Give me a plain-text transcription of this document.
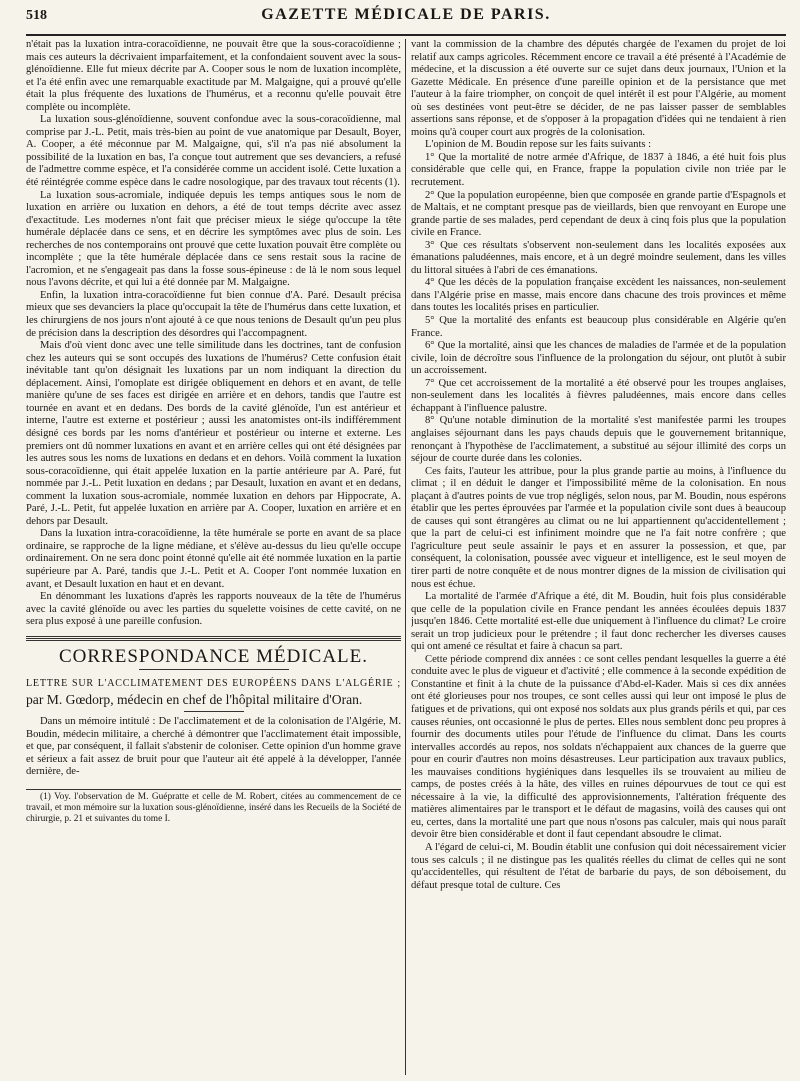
518	GAZETTE MÉDICALE DE PARIS.

n'était pas la luxation intra-coracoïdienne, ne pouvait être que la sous-coracoïdienne ; mais ces auteurs la décrivaient imparfaitement, et la confondaient souvent avec la sous-glénoïdienne. Elle fut mieux décrite par A. Cooper sous le nom de luxation incomplète, et l'a été enfin avec une remarquable exactitude par M. Malgaigne, qui a prouvé qu'elle était la plus fréquente des luxations de l'humérus, et a reconnu qu'elle pouvait être complète ou incomplète.

La luxation sous-glénoïdienne, souvent confondue avec la sous-coracoïdienne, mal comprise par J.-L. Petit, mais très-bien au point de vue anatomique par Desault, Boyer, A. Cooper, a été méconnue par M. Malgaigne, qui, s'il n'a pas nié absolument la possibilité de la luxation en bas, l'a conçue tout autrement que ses devanciers, a refusé de l'admettre comme espèce, et l'a considérée comme un accident isolé. Cette luxation a été réintégrée comme espèce dans le cadre nosologique, par des travaux tout récents (1).

La luxation sous-acromiale, indiquée depuis les temps antiques sous le nom de luxation en arrière ou luxation en dehors, a été de tout temps décrite avec assez d'exactitude. Les modernes n'ont fait que préciser mieux le siége qu'occupe la tête humérale déplacée dans ce sens, et en décrire les symptômes avec plus de soin. Les recherches de nos contemporains ont prouvé que cette luxation pouvait être complète ou incomplète ; que la tête humérale déplacée dans ce sens restait sous la racine de l'acromion, et ne s'engageait pas dans la fosse sous-épineuse : de là le nom sous lequel nous l'avons décrite, et qui lui a été donnée par M. Malgaigne.

Enfin, la luxation intra-coracoïdienne fut bien connue d'A. Paré. Desault précisa mieux que ses devanciers la place qu'occupait la tête de l'humérus dans cette luxation, et les chirurgiens de nos jours n'ont ajouté à ce que nous tenions de Desault qu'un peu plus de précision dans la description des désordres qui l'accompagnent.

Mais d'où vient donc avec une telle similitude dans les doctrines, tant de confusion chez les auteurs qui se sont occupés des luxations de l'humérus? Cette confusion était inévitable tant qu'on désignait les luxations par un nom indiquant la direction du déplacement. Ainsi, l'omoplate est dirigée obliquement en dehors et en avant, de telle manière qu'une de ses faces est dirigée en arrière et en dehors, tandis que l'autre est tournée en avant et en dedans. Des bords de la cavité glénoïde, l'un est antérieur et interne, l'autre est externe et postérieur ; aussi les anatomistes ont-ils indifféremment désigné ces bords par les noms d'antérieur et postérieur ou interne et externe. Les premiers ont dû nommer luxations en avant et en arrière celles qui ont été désignées par les autres sous les noms de luxations en dedans et en dehors. Voilà comment la luxation sous-coracoïdienne, qui était appelée luxation en la partie antérieure par A. Paré, fut nommée par J.-L. Petit luxation en dedans ; par Desault, luxation en avant et en dedans, comment la luxation sous-acromiale, nommée luxation en dehors par Hippocrate, A. Paré, J.-L. Petit, fut appelée luxation en arrière par A. Cooper, luxation en arrière et en dehors par Desault.

Dans la luxation intra-coracoïdienne, la tête humérale se porte en avant de sa place ordinaire, se rapproche de la ligne médiane, et s'élève au-dessus du lieu qu'elle occupe ordinairement. On ne sera donc point étonné qu'elle ait été nommée luxation en la partie supérieure par A. Paré, tandis que J.-L. Petit et A. Cooper l'ont nommée luxation en avant, et Desault luxation en haut et en devant.

En dénommant les luxations d'après les rapports nouveaux de la tête de l'humérus avec la cavité glénoïde ou avec les parties du squelette voisines de cette cavité, on ne sera plus exposé à une pareille confusion.

CORRESPONDANCE MÉDICALE.

LETTRE SUR L'ACCLIMATEMENT DES EUROPÉENS DANS L'ALGÉRIE ; par M. Gœdorp, médecin en chef de l'hôpital militaire d'Oran.

Dans un mémoire intitulé : De l'acclimatement et de la colonisation de l'Algérie, M. Boudin, médecin militaire, a cherché à démontrer que l'acclimatement était impossible, et que, par conséquent, il fallait s'abstenir de coloniser. Cette opinion d'un homme grave et sérieux a fait assez de bruit pour que l'auteur ait été appelé à la développer, l'année dernière, de-

(1) Voy. l'observation de M. Guépratte et celle de M. Robert, citées au commencement de ce travail, et mon mémoire sur la luxation sous-glénoïdienne, inséré dans les Recueils de la Société de chirurgie, p. 21 et suivantes du tome I.

vant la commission de la chambre des députés chargée de l'examen du projet de loi relatif aux camps agricoles. Récemment encore ce travail a été présenté à l'Académie de médecine, et la discussion a été ouverte sur ce sujet dans deux journaux, l'Union et la Gazette Médicale. En présence d'une pareille opinion et de la persistance que met l'auteur à la faire triompher, on conçoit de quel intérêt il est pour l'Algérie, au moment où ses destinées vont peut-être se décider, de ne pas laisser passer de semblables assertions sans réponse, et de s'opposer à la propagation d'idées qui ne tendaient à rien moins qu'à couper court aux progrès de la colonisation.

L'opinion de M. Boudin repose sur les faits suivants :

1° Que la mortalité de notre armée d'Afrique, de 1837 à 1846, a été huit fois plus considérable que celle qui, en France, frappe la population civile non triée par le recrutement.

2° Que la population européenne, bien que composée en grande partie d'Espagnols et de Maltais, et ne comptant presque pas de vieillards, bien que renvoyant en Europe une grande partie de ses malades, perd cependant de deux à cinq fois plus que la population civile en France.

3° Que ces résultats s'observent non-seulement dans les localités exposées aux émanations paludéennes, mais encore, et à un degré moindre seulement, dans les villes du littoral situées à l'abri de ces émanations.

4° Que les décès de la population française excèdent les naissances, non-seulement dans l'Algérie prise en masse, mais encore dans chacune des trois provinces et même dans toutes les localités prises en particulier.

5° Que la mortalité des enfants est beaucoup plus considérable en Algérie qu'en France.

6° Que la mortalité, ainsi que les chances de maladies de l'armée et de la population civile, loin de décroître sous l'influence de la prolongation du séjour, ont plutôt à subir un accroissement.

7° Que cet accroissement de la mortalité a été observé pour les troupes anglaises, non-seulement dans les localités à fièvres paludéennes, mais encore dans celles échappant à l'influence palustre.

8° Qu'une notable diminution de la mortalité s'est manifestée parmi les troupes anglaises séjournant dans les pays chauds depuis que le gouvernement britannique, renonçant à l'hypothèse de l'acclimatement, a substitué au séjour illimité des corps un séjour de courte durée dans les colonies.

Ces faits, l'auteur les attribue, pour la plus grande partie au moins, à l'influence du climat ; il en déduit le danger et l'impossibilité même de la colonisation. En nous plaçant à d'autres points de vue trop négligés, selon nous, par M. Boudin, nous espérons établir que les pertes éprouvées par l'armée et la population civile sont dues à beaucoup de causes qui sont étrangères au climat ou ne lui appartiennent qu'accidentellement ; que la part de celui-ci est infiniment moindre que ne l'a fait notre confrère ; que l'agriculture peut seule assainir le pays et en assurer la possession, et que, par conséquent, la colonisation, poussée avec vigueur et intelligence, est le seul moyen de tirer parti de notre conquête et de nous montrer dignes de la mission de civilisation qui nous est échue.

La mortalité de l'armée d'Afrique a été, dit M. Boudin, huit fois plus considérable que celle de la population civile en France pendant les années écoulées depuis 1837 jusqu'en 1846. Cette mortalité est-elle due uniquement à l'influence du climat? Le croire serait un trop judicieux pour le prétendre ; il faut donc rechercher les diverses causes qui ont amené ce résultat et faire à chacun sa part.

Cette période comprend dix années : ce sont celles pendant lesquelles la guerre a été conduite avec le plus de vigueur et d'activité ; elle commence à la seconde expédition de Constantine et finit à la chute de la puissance d'Abd-el-Kader. Mais si ces dix années ont été glorieuses pour nos troupes, ce sont celles aussi qui leur ont imposé le plus de fatigues et de privations, qui ont exposé nos soldats aux plus grands périls et qui, par ces causes réunies, ont occasionné le plus de pertes. Elles nous semblent donc peu propres à fournir des documents utiles pour l'étude de l'influence du climat. Dans les courts intervalles accordés au repos, nos soldats n'échappaient aux chances de la guerre que pour en courir d'autres non moins désastreuses. Leur participation aux travaux publics, les mauvaises conditions hygiéniques dans lesquelles ils se trouvaient au milieu de camps, de postes créés à la hâte, des villes en ruines dépourvues de tout ce qui est nécessaire à la vie, la difficulté des approvisionnements, l'altération fréquente des matières alimentaires par le transport et le défaut de magasins, voilà des causes qui ont eu, certes, dans la mortalité une part que nous n'osons pas calculer, mais qui nous paraît devoir être bien considérable et dont il faut cependant absoudre le climat.

A l'égard de celui-ci, M. Boudin établit une confusion qui doit nécessairement vicier tous ses calculs ; il ne distingue pas les qualités réelles du climat de celles qui ne sont qu'accidentelles, qui résultent de l'état de barbarie du pays, de son déboisement, du défaut presque total de culture. Ces
